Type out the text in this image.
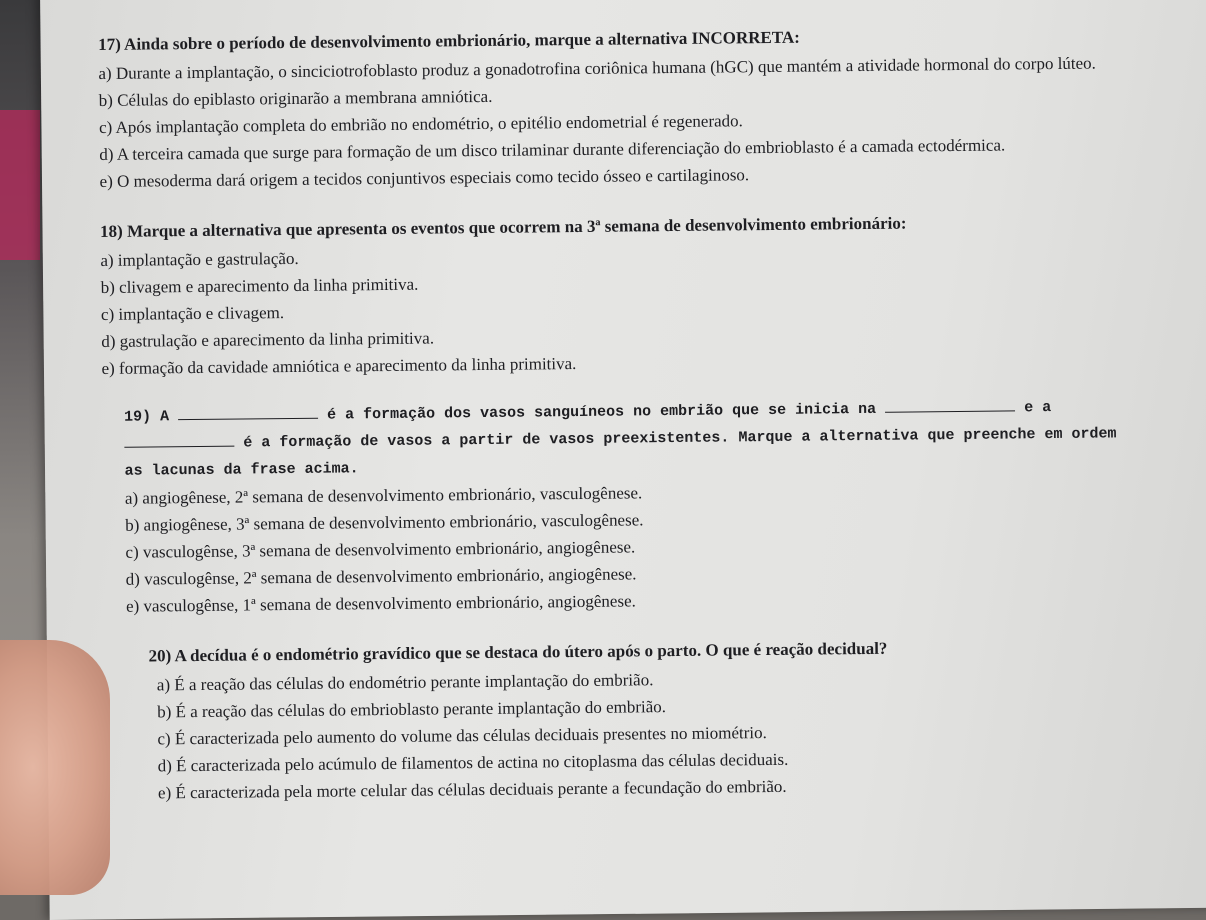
17) Ainda sobre o período de desenvolvimento embrionário, marque a alternativa INCORRETA:
a) Durante a implantação, o sinciciotrofoblasto produz a gonadotrofina coriônica humana (hGC) que mantém a atividade hormonal do corpo lúteo.
b) Células do epiblasto originarão a membrana amniótica.
c) Após implantação completa do embrião no endométrio, o epitélio endometrial é regenerado.
d) A terceira camada que surge para formação de um disco trilaminar durante diferenciação do embrioblasto é a camada ectodérmica.
e) O mesoderma dará origem a tecidos conjuntivos especiais como tecido ósseo e cartilaginoso.
18) Marque a alternativa que apresenta os eventos que ocorrem na 3ª semana de desenvolvimento embrionário:
a) implantação e gastrulação.
b) clivagem e aparecimento da linha primitiva.
c) implantação e clivagem.
d) gastrulação e aparecimento da linha primitiva.
e) formação da cavidade amniótica e aparecimento da linha primitiva.
19) A	é a formação dos vasos sanguíneos no embrião que se inicia na	e a  é a formação de vasos a partir de vasos preexistentes. Marque a alternativa que preenche em ordem as lacunas da frase acima.
a) angiogênese, 2ª semana de desenvolvimento embrionário, vasculogênese.
b) angiogênese, 3ª semana de desenvolvimento embrionário, vasculogênese.
c) vasculogênse, 3ª semana de desenvolvimento embrionário, angiogênese.
d) vasculogênse, 2ª semana de desenvolvimento embrionário, angiogênese.
e) vasculogênse, 1ª semana de desenvolvimento embrionário, angiogênese.
20) A decídua é o endométrio gravídico que se destaca do útero após o parto. O que é reação decidual?
a) É a reação das células do endométrio perante implantação do embrião.
b) É a reação das células do embrioblasto perante implantação do embrião.
c) É caracterizada pelo aumento do volume das células deciduais presentes no miométrio.
d) É caracterizada pelo acúmulo de filamentos de actina no citoplasma das células deciduais.
e) É caracterizada pela morte celular das células deciduais perante a fecundação do embrião.
